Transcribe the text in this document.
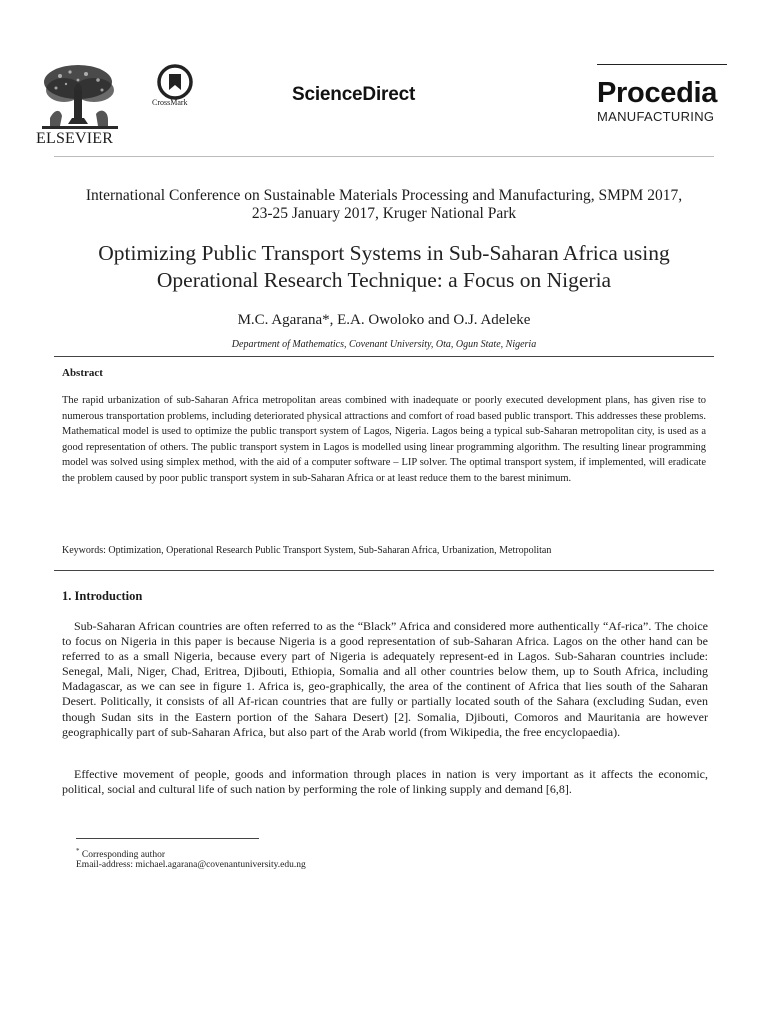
ELSEVIER
CrossMark	ScienceDirect	Procedia
MANUFACTURING
International Conference on Sustainable Materials Processing and Manufacturing, SMPM 2017,
23-25 January 2017, Kruger National Park
Optimizing Public Transport Systems in Sub-Saharan Africa using
Operational Research Technique: a Focus on Nigeria
M.C. Agarana*, E.A. Owoloko and O.J. Adeleke
Department of Mathematics, Covenant University, Ota, Ogun State, Nigeria
Abstract
The rapid urbanization of sub-Saharan Africa metropolitan areas combined with inadequate or poorly executed development plans, has given rise to numerous transportation problems, including deteriorated physical attractions and comfort of road based public transport. This addresses these problems. Mathematical model is used to optimize the public transport system of Lagos, Nigeria. Lagos being a typical sub-Saharan metropolitan city, is used as a good representation of others. The public transport system in Lagos is modelled using linear programming algorithm. The resulting linear programming model was solved using simplex method, with the aid of a computer software – LIP solver. The optimal transport system, if implemented, will eradicate the problem caused by poor public transport system in sub-Saharan Africa or at least reduce them to the barest minimum.
Keywords: Optimization, Operational Research Public Transport System, Sub-Saharan Africa, Urbanization, Metropolitan
1. Introduction
Sub-Saharan African countries are often referred to as the “Black” Africa and considered more authentically “Af-rica”. The choice to focus on Nigeria in this paper is because Nigeria is a good representation of sub-Saharan Africa. Lagos on the other hand can be referred to as a small Nigeria, because every part of Nigeria is adequately represent-ed in Lagos. Sub-Saharan countries include: Senegal, Mali, Niger, Chad, Eritrea, Djibouti, Ethiopia, Somalia and all other countries below them, up to South Africa, including Madagascar, as we can see in figure 1. Africa is, geo-graphically, the area of the continent of Africa that lies south of the Saharan Desert. Politically, it consists of all Af-rican countries that are fully or partially located south of the Sahara (excluding Sudan, even though Sudan sits in the Eastern portion of the Sahara Desert) [2]. Somalia, Djibouti, Comoros and Mauritania are however geographically part of sub-Saharan Africa, but also part of the Arab world (from Wikipedia, the free encyclopaedia).
Effective movement of people, goods and information through places in nation is very important as it affects the economic, political, social and cultural life of such nation by performing the role of linking supply and demand [6,8].
* Corresponding author
Email-address: michael.agarana@covenantuniversity.edu.ng
